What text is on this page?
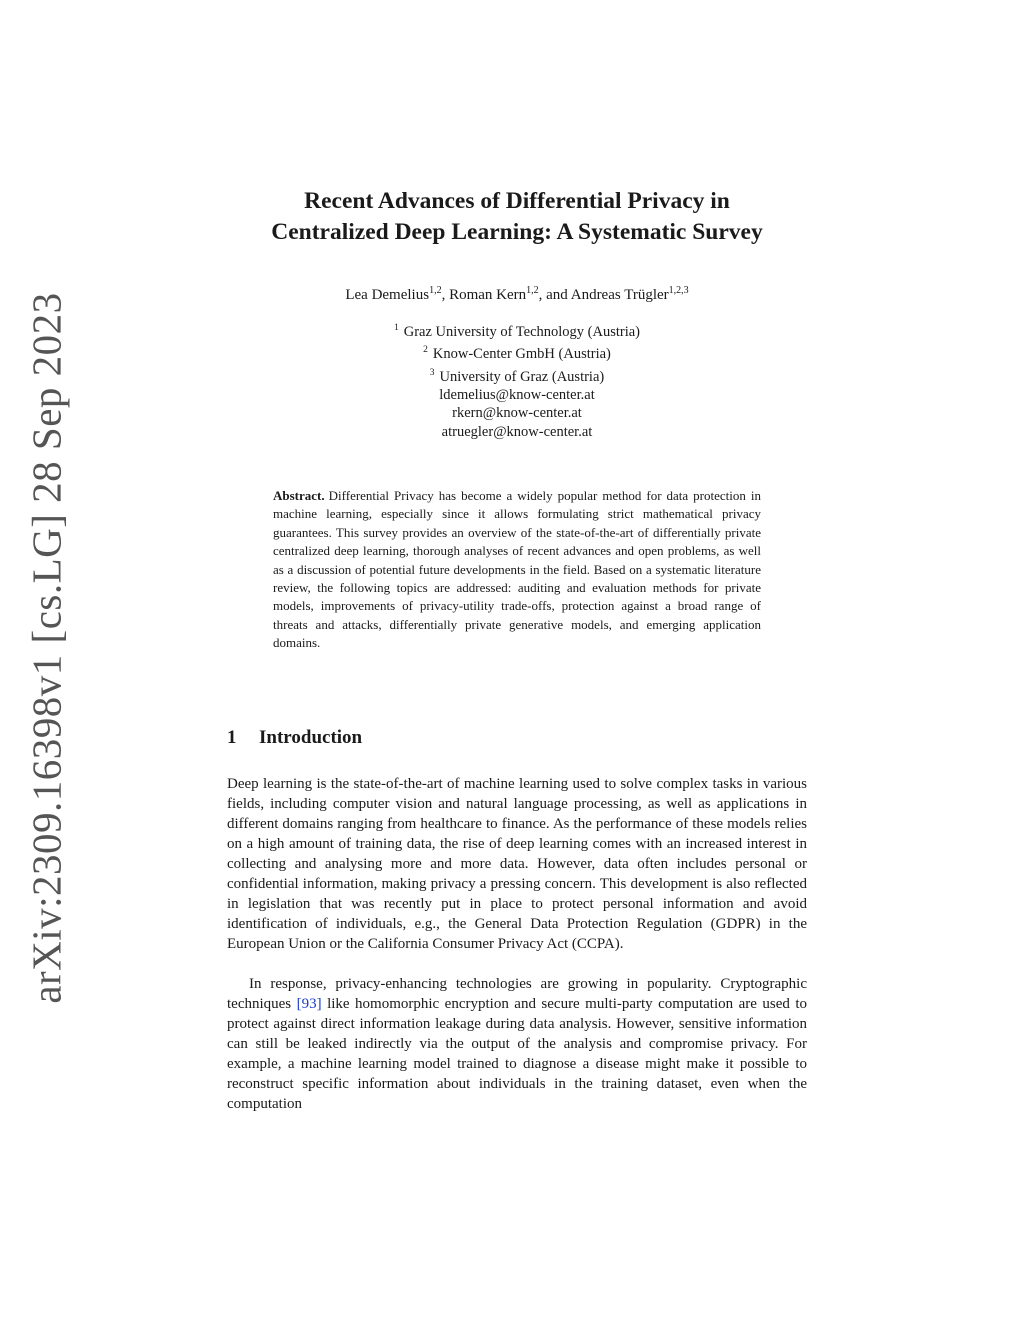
arXiv:2309.16398v1 [cs.LG] 28 Sep 2023
Recent Advances of Differential Privacy in
Centralized Deep Learning: A Systematic Survey
Lea Demelius$^{1,2}$, Roman Kern$^{1,2}$, and Andreas Trügler$^{1,2,3}$
$^1$ Graz University of Technology (Austria)
$^2$ Know-Center GmbH (Austria)
$^3$ University of Graz (Austria)
ldemelius@know-center.at
rkern@know-center.at
atruegler@know-center.at

Abstract. Differential Privacy has become a widely popular method for data protection in machine learning, especially since it allows formulating strict mathematical privacy guarantees. This survey provides an overview of the state-of-the-art of differentially private centralized deep learning, thorough analyses of recent advances and open problems, as well as a discussion of potential future developments in the field. Based on a systematic literature review, the following topics are addressed: auditing and evaluation methods for private models, improvements of privacy-utility trade-offs, protection against a broad range of threats and attacks, differentially private generative models, and emerging application domains.

1 Introduction

Deep learning is the state-of-the-art of machine learning used to solve complex tasks in various fields, including computer vision and natural language processing, as well as applications in different domains ranging from healthcare to finance. As the performance of these models relies on a high amount of training data, the rise of deep learning comes with an increased interest in collecting and analysing more and more data. However, data often includes personal or confidential information, making privacy a pressing concern. This development is also reflected in legislation that was recently put in place to protect personal information and avoid identification of individuals, e.g., the General Data Protection Regulation (GDPR) in the European Union or the California Consumer Privacy Act (CCPA).

In response, privacy-enhancing technologies are growing in popularity. Cryptographic techniques [93] like homomorphic encryption and secure multi-party computation are used to protect against direct information leakage during data analysis. However, sensitive information can still be leaked indirectly via the output of the analysis and compromise privacy. For example, a machine learning model trained to diagnose a disease might make it possible to reconstruct specific information about individuals in the training dataset, even when the computation
